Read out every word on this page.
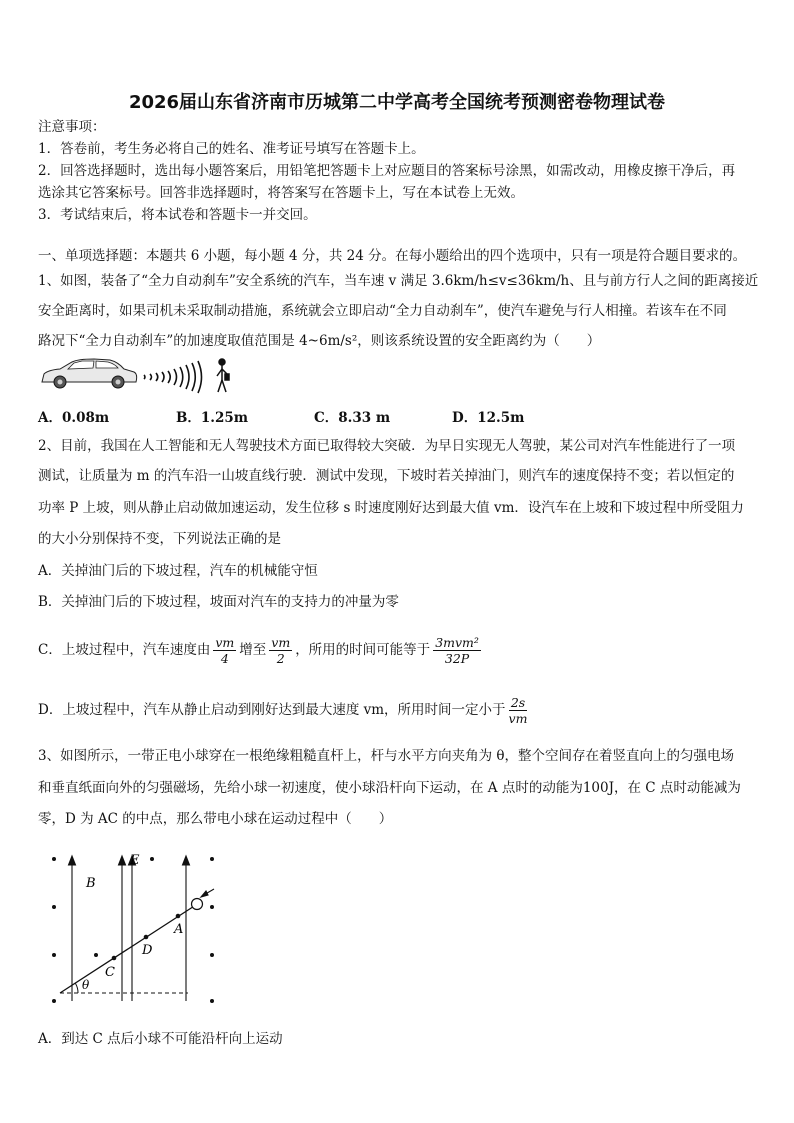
2026届山东省济南市历城第二中学高考全国统考预测密卷物理试卷
注意事项：
1．答卷前，考生务必将自己的姓名、准考证号填写在答题卡上。
2．回答选择题时，选出每小题答案后，用铅笔把答题卡上对应题目的答案标号涂黑，如需改动，用橡皮擦干净后，再
选涂其它答案标号。回答非选择题时，将答案写在答题卡上，写在本试卷上无效。
3．考试结束后，将本试卷和答题卡一并交回。
一、单项选择题：本题共 6 小题，每小题 4 分，共 24 分。在每小题给出的四个选项中，只有一项是符合题目要求的。
1、如图，装备了“全力自动刹车”安全系统的汽车，当车速 v 满足 3.6km/h≤v≤36km/h、且与前方行人之间的距离接近
安全距离时，如果司机未采取制动措施，系统就会立即启动“全力自动刹车”，使汽车避免与行人相撞。若该车在不同
路况下“全力自动刹车”的加速度取值范围是 4~6m/s²，则该系统设置的安全距离约为（　　）
A．0.08m	B．1.25m	C．8.33 m	D．12.5m
2、目前，我国在人工智能和无人驾驶技术方面已取得较大突破．为早日实现无人驾驶，某公司对汽车性能进行了一项
测试，让质量为 m 的汽车沿一山坡直线行驶．测试中发现，下坡时若关掉油门，则汽车的速度保持不变；若以恒定的
功率 P 上坡，则从静止启动做加速运动，发生位移 s 时速度刚好达到最大值 vm．设汽车在上坡和下坡过程中所受阻力
的大小分别保持不变，下列说法正确的是
A．关掉油门后的下坡过程，汽车的机械能守恒
B．关掉油门后的下坡过程，坡面对汽车的支持力的冲量为零
C．上坡过程中，汽车速度由 $\frac{vm}{4}$ 增至 $\frac{vm}{2}$ ，所用的时间可能等于 $\frac{\text{3mvm²}}{32P}$
D．上坡过程中，汽车从静止启动到刚好达到最大速度 vm，所用时间一定小于 $\frac{2s}{vm}$
3、如图所示，一带正电小球穿在一根绝缘粗糙直杆上，杆与水平方向夹角为 θ，整个空间存在着竖直向上的匀强电场
和垂直纸面向外的匀强磁场，先给小球一初速度，使小球沿杆向下运动，在 A 点时的动能为100J，在 C 点时动能减为
零，D 为 AC 的中点，那么带电小球在运动过程中（　　）
E
B
A
D
C
θ
A．到达 C 点后小球不可能沿杆向上运动
